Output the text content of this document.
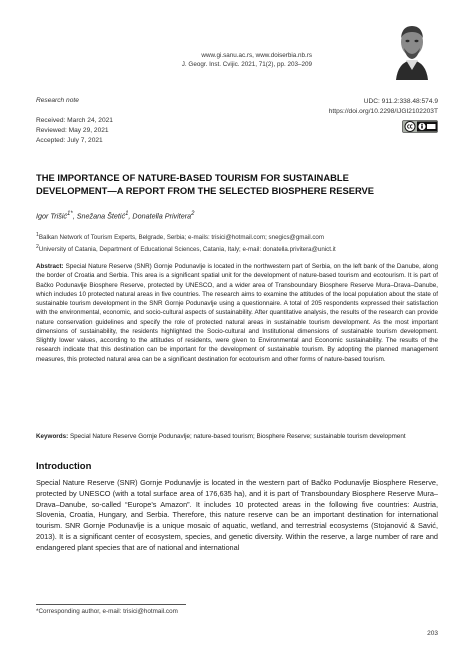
www.gi.sanu.ac.rs, www.doiserbia.nb.rs
J. Geogr. Inst. Cvijic. 2021, 71(2), pp. 203–209
Research note	UDC: 911.2:338.48:574.9
https://doi.org/10.2298/IJGI2102203T
Received: March 24, 2021
Reviewed: May 29, 2021
Accepted: July 7, 2021
THE IMPORTANCE OF NATURE-BASED TOURISM FOR SUSTAINABLE
DEVELOPMENT—A REPORT FROM THE SELECTED BIOSPHERE RESERVE
Igor Trišić$^{1*}$, Snežana Štetić$^1$, Donatella Privitera$^2$
$^1$Balkan Network of Tourism Experts, Belgrade, Serbia; e-mails: trisici@hotmail.com; snegics@gmail.com
$^2$University of Catania, Department of Educational Sciences, Catania, Italy; e-mail: donatella.privitera@unict.it
Abstract: Special Nature Reserve (SNR) Gornje Podunavlje is located in the northwestern part of Serbia, on the left bank of the Danube, along the border of Croatia and Serbia. This area is a significant spatial unit for the development of nature-based tourism and ecotourism. It is part of Bačko Podunavlje Biosphere Reserve, protected by UNESCO, and a wider area of Transboundary Biosphere Reserve Mura–Drava–Danube, which includes 10 protected natural areas in five countries. The research aims to examine the attitudes of the local population about the state of sustainable tourism development in the SNR Gornje Podunavlje using a questionnaire. A total of 205 respondents expressed their satisfaction with the environmental, economic, and socio-cultural aspects of sustainability. After quantitative analysis, the results of the research can provide nature conservation guidelines and specify the role of protected natural areas in sustainable tourism development. As the most important dimensions of sustainability, the residents highlighted the Socio-cultural and Institutional dimensions of sustainable tourism development. Slightly lower values, according to the attitudes of residents, were given to Environmental and Economic sustainability. The results of the research indicate that this destination can be important for the development of sustainable tourism. By adopting the planned management measures, this protected natural area can be a significant destination for ecotourism and other forms of nature-based tourism.
Keywords: Special Nature Reserve Gornje Podunavlje; nature-based tourism; Biosphere Reserve; sustainable tourism development
Introduction
Special Nature Reserve (SNR) Gornje Podunavlje is located in the western part of Bačko Podunavlje Biosphere Reserve, protected by UNESCO (with a total surface area of 176,635 ha), and it is part of Transboundary Biosphere Reserve Mura–Drava–Danube, so-called “Europe’s Amazon”. It includes 10 protected areas in the following five countries: Austria, Slovenia, Croatia, Hungary, and Serbia. Therefore, this nature reserve can be an important destination for international tourism. SNR Gornje Podunavlje is a unique mosaic of aquatic, wetland, and terrestrial ecosystems (Stojanović & Savić, 2013). It is a significant center of ecosystem, species, and genetic diversity. Within the reserve, a large number of rare and endangered plant species that are of national and international
*Corresponding author, e-mail: trisici@hotmail.com
203
